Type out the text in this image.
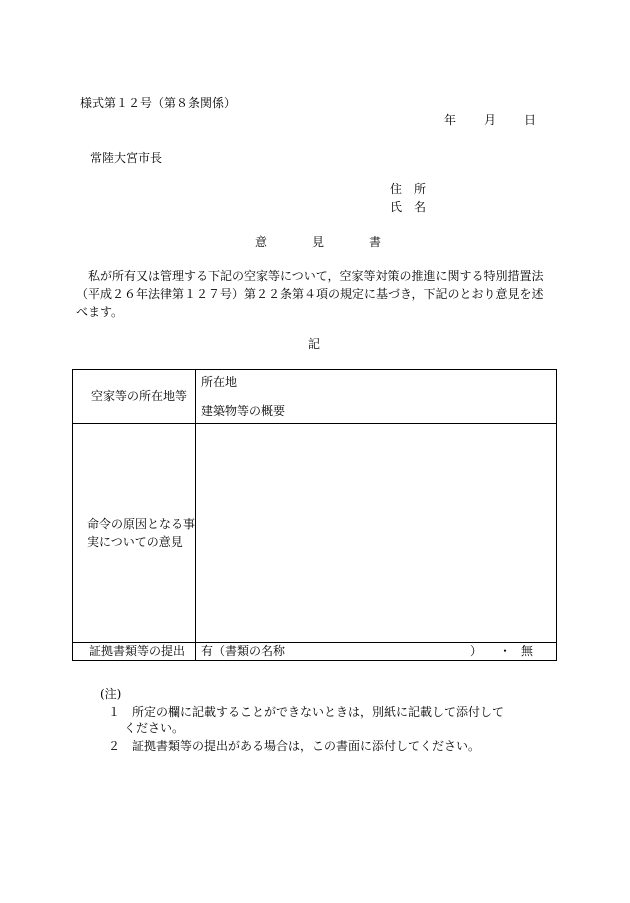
様式第１２号（第８条関係）
年 月 日
常陸大宮市長
住　所
氏　名
意	見	書
私が所有又は管理する下記の空家等について，空家等対策の推進に関する特別措置法（平成２６年法律第１２７号）第２２条第４項の規定に基づき，下記のとおり意見を述べます。
記
空家等の所在地等	所在地
建築物等の概要

命令の原因となる事実についての意見	

証拠書類等の提出	有（書類の名称 ） ・ 無
(注)
１　所定の欄に記載することができないときは，別紙に記載して添付して
ください。
２　証拠書類等の提出がある場合は，この書面に添付してください。
